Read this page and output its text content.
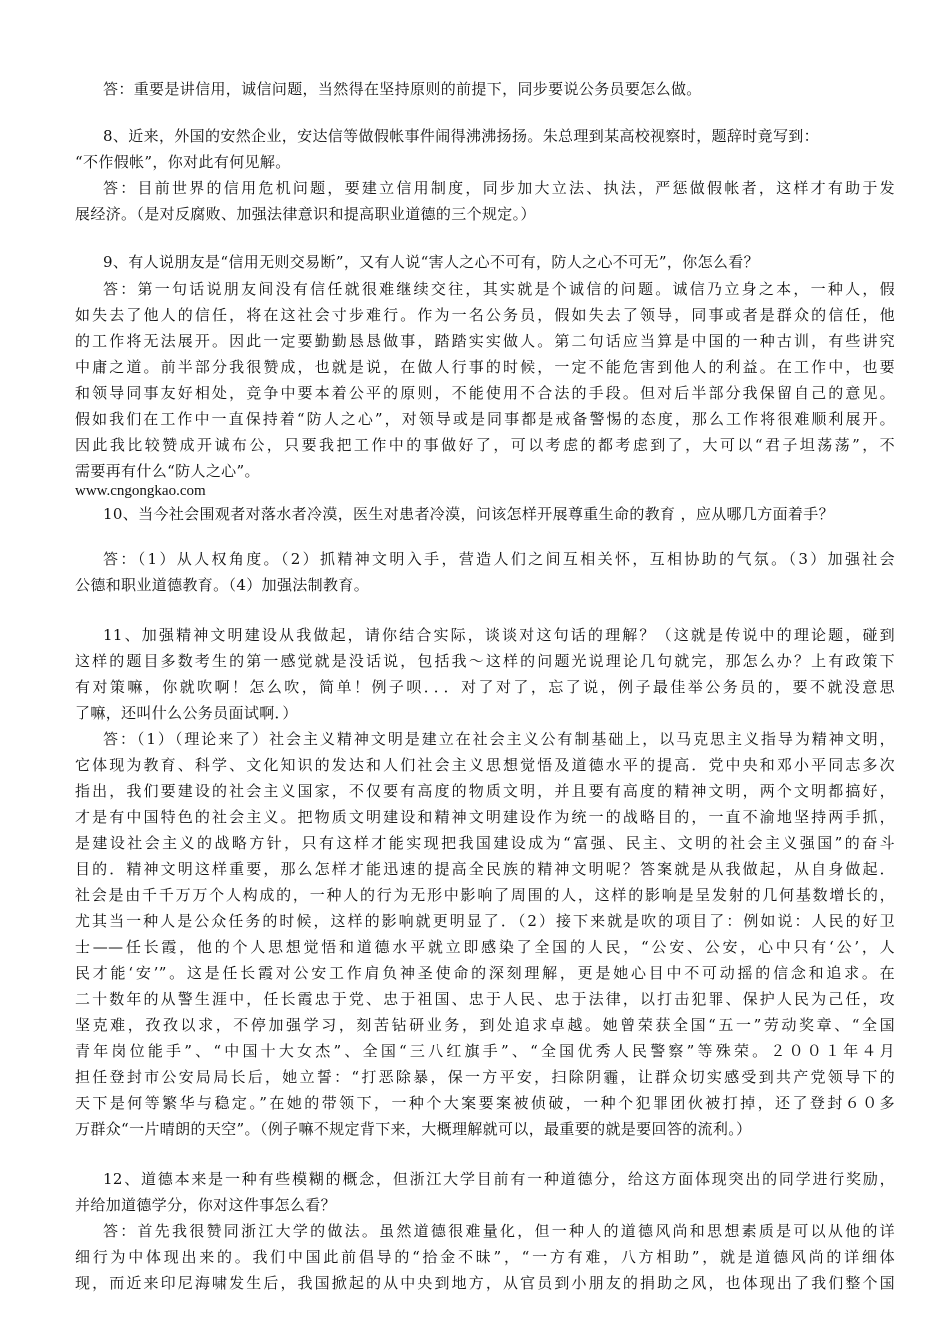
答：重要是讲信用，诚信问题，当然得在坚持原则的前提下，同步要说公务员要怎么做。
8、近来，外国的安然企业，安达信等做假帐事件闹得沸沸扬扬。朱总理到某高校视察时，题辞时竟写到：
“不作假帐”，你对此有何见解。
答：目前世界的信用危机问题，要建立信用制度，同步加大立法、执法，严惩做假帐者，这样才有助于发
展经济。（是对反腐败、加强法律意识和提高职业道德的三个规定。）
9、有人说朋友是“信用无则交易断”，又有人说“害人之心不可有，防人之心不可无”，你怎么看？
答：第一句话说朋友间没有信任就很难继续交往，其实就是个诚信的问题。诚信乃立身之本，一种人，假
如失去了他人的信任，将在这社会寸步难行。作为一名公务员，假如失去了领导，同事或者是群众的信任，他
的工作将无法展开。因此一定要勤勤恳恳做事，踏踏实实做人。第二句话应当算是中国的一种古训，有些讲究
中庸之道。前半部分我很赞成，也就是说，在做人行事的时候，一定不能危害到他人的利益。在工作中，也要
和领导同事友好相处，竞争中要本着公平的原则，不能使用不合法的手段。但对后半部分我保留自己的意见。
假如我们在工作中一直保持着“防人之心”，对领导或是同事都是戒备警惕的态度，那么工作将很难顺利展开。
因此我比较赞成开诚布公，只要我把工作中的事做好了，可以考虑的都考虑到了，大可以“君子坦荡荡”，不
需要再有什么“防人之心”。
www.cngongkao.com
10、当今社会围观者对落水者冷漠，医生对患者冷漠，问该怎样开展尊重生命的教育 ，应从哪几方面着手？
答：（1）从人权角度。（2）抓精神文明入手，营造人们之间互相关怀，互相协助的气氛。（3）加强社会
公德和职业道德教育。（4）加强法制教育。
11、加强精神文明建设从我做起，请你结合实际，谈谈对这句话的理解？（这就是传说中的理论题，碰到
这样的题目多数考生的第一感觉就是没话说，包括我～这样的问题光说理论几句就完，那怎么办？上有政策下
有对策嘛，你就吹啊！怎么吹，简单！例子呗．．．对了对了，忘了说，例子最佳举公务员的，要不就没意思
了嘛，还叫什么公务员面试啊．）
答：（1）（理论来了）社会主义精神文明是建立在社会主义公有制基础上，以马克思主义指导为精神文明，
它体现为教育、科学、文化知识的发达和人们社会主义思想觉悟及道德水平的提高．党中央和邓小平同志多次
指出，我们要建设的社会主义国家，不仅要有高度的物质文明，并且要有高度的精神文明，两个文明都搞好，
才是有中国特色的社会主义。把物质文明建设和精神文明建设作为统一的战略目的，一直不渝地坚持两手抓，
是建设社会主义的战略方针，只有这样才能实现把我国建设成为“富强、民主、文明的社会主义强国”的奋斗
目的．精神文明这样重要，那么怎样才能迅速的提高全民族的精神文明呢？答案就是从我做起，从自身做起．
社会是由千千万万个人构成的，一种人的行为无形中影响了周围的人，这样的影响是呈发射的几何基数增长的，
尤其当一种人是公众任务的时候，这样的影响就更明显了．（2）接下来就是吹的项目了：例如说：人民的好卫
士——任长霞，他的个人思想觉悟和道德水平就立即感染了全国的人民，“公安、公安，心中只有‘公’，人
民才能‘安’”。这是任长霞对公安工作肩负神圣使命的深刻理解，更是她心目中不可动摇的信念和追求。在
二十数年的从警生涯中，任长霞忠于党、忠于祖国、忠于人民、忠于法律，以打击犯罪、保护人民为己任，攻
坚克难，孜孜以求，不停加强学习，刻苦钻研业务，到处追求卓越。她曾荣获全国“五一”劳动奖章、“全国
青年岗位能手”、“中国十大女杰”、全国“三八红旗手”、“全国优秀人民警察”等殊荣。２００１年４月
担任登封市公安局局长后，她立誓：“打恶除暴，保一方平安，扫除阴霾，让群众切实感受到共产党领导下的
天下是何等繁华与稳定。”在她的带领下，一种个大案要案被侦破，一种个犯罪团伙被打掉，还了登封６０多
万群众“一片晴朗的天空”。（例子嘛不规定背下来，大概理解就可以，最重要的就是要回答的流利。）
12、道德本来是一种有些模糊的概念，但浙江大学目前有一种道德分，给这方面体现突出的同学进行奖励，
并给加道德学分，你对这件事怎么看？
答：首先我很赞同浙江大学的做法。虽然道德很难量化，但一种人的道德风尚和思想素质是可以从他的详
细行为中体现出来的。我们中国此前倡导的“拾金不昧”，“一方有难，八方相助”，就是道德风尚的详细体
现，而近来印尼海啸发生后，我国掀起的从中央到地方，从官员到小朋友的捐助之风，也体现出了我们整个国
